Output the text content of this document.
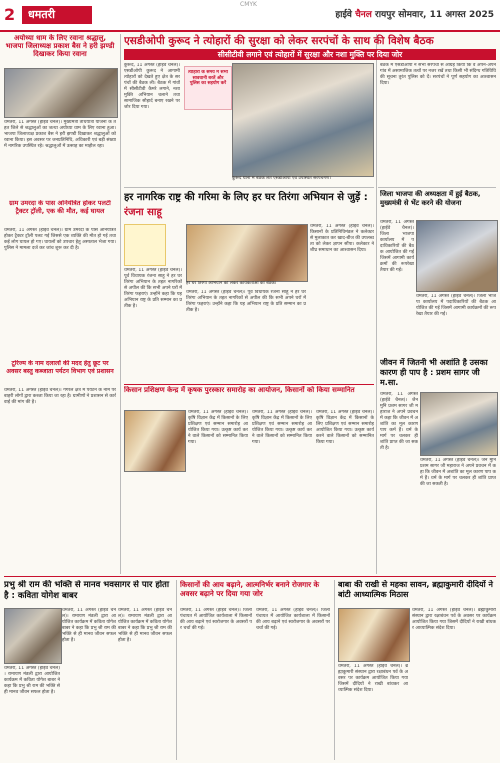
CMYK
2	धमतरी	हाईवे चैनल रायपुर सोमवार, 11 अगस्त 2025
अयोध्या धाम के लिए रवाना श्रद्धालु, भाजपा जिलाध्यक्ष प्रकाश बैस ने हरी झण्डी दिखाकर किया रवाना
धमतरी, 11 अगस्त (हाईवे चैनल)। मुख्यमंत्री तीर्थयात्रा योजना के तहत जिले से श्रद्धालुओं का जत्था अयोध्या धाम के लिए रवाना हुआ। भाजपा जिलाध्यक्ष प्रकाश बैस ने हरी झण्डी दिखाकर श्रद्धालुओं को रवाना किया। इस अवसर पर जनप्रतिनिधि, अधिकारी एवं बड़ी संख्या में नागरिक उपस्थित रहे। श्रद्धालुओं में उत्साह का माहौल रहा।
ग्राम उमरदा के पास अनियंत्रित होकर पलटी ट्रैक्टर ट्रॉली, एक की मौत, कई घायल
धमतरी, 11 अगस्त (हाईवे चैनल)। ग्राम उमरदा के पास अनियंत्रित होकर ट्रैक्टर ट्रॉली पलट गई जिससे एक व्यक्ति की मौत हो गई तथा कई लोग घायल हो गए। घायलों को उपचार हेतु अस्पताल भेजा गया। पुलिस ने मामला दर्ज कर जांच शुरू कर दी है।
टूरिज्म के नाम दलालों की मदद हेतु छूट पर अवसर बस्तु कब्जाता पर्यटन विभाग एवं प्रशासन
धमतरी, 11 अगस्त (हाईवे चैनल)। गंगरेल क्षेत्र में पर्यटन के नाम पर बाहरी लोगों द्वारा कब्जा किया जा रहा है। ग्रामीणों ने प्रशासन से कार्रवाई की मांग की है।
एसडीओपी कुरूद ने त्योहारों की सुरक्षा को लेकर सरपंचों के साथ की विशेष बैठक
सीसीटीवी लगाने एवं त्योहारों में सुरक्षा और नशा मुक्ति पर दिया जोर
कुरूद, 11 अगस्त (हाईवे चैनल)। एसडीओपी कुरूद ने आगामी त्योहारों को देखते हुए क्षेत्र के सरपंचों की बैठक ली। बैठक में गांवों में सीसीटीवी कैमरे लगाने, नशा मुक्ति अभियान चलाने तथा सामाजिक सौहार्द बनाए रखने पर जोर दिया गया।
त्योहारों के समय में सभी सावधानी बरतें और पुलिस का सहयोग करें
कुरूद थाना में बैठक लेते एसडीओपी एवं उपस्थित सरपंचगण।
बैठक में एसडीओपी ने सभी सरपंचों से आग्रह किया कि वे अपने-अपने गांव में असामाजिक तत्वों पर नजर रखें तथा किसी भी संदिग्ध गतिविधि की सूचना तुरंत पुलिस को दें। सरपंचों ने पूर्ण सहयोग का आश्वासन दिया।
हर नागरिक राष्ट्र की गरिमा के लिए हर घर तिरंगा अभियान से जुड़ें : रंजना साहू
धमतरी, 11 अगस्त (हाईवे चैनल)। पूर्व विधायक रंजना साहू ने हर घर तिरंगा अभियान के तहत नागरिकों से अपील की कि सभी अपने घरों में तिरंगा फहराएं। उन्होंने कहा कि यह अभियान राष्ट्र के प्रति सम्मान का प्रतीक है।
हर घर तिरंगा अभियान को लेकर कार्यकर्ताओं की बैठक।
धमतरी, 11 अगस्त (हाईवे चैनल)। पूर्व विधायक रंजना साहू ने हर घर तिरंगा अभियान के तहत नागरिकों से अपील की कि सभी अपने घरों में तिरंगा फहराएं। उन्होंने कहा कि यह अभियान राष्ट्र के प्रति सम्मान का प्रतीक है।
धमतरी, 11 अगस्त (हाईवे चैनल)। किसानों के प्रतिनिधिमंडल ने कलेक्टर से मुलाकात कर खाद-बीज की उपलब्धता को लेकर ज्ञापन सौंपा। कलेक्टर ने शीघ्र समाधान का आश्वासन दिया।
जिला भाजपा की अध्यक्षता में हुई बैठक, मुख्यमंत्री से भेंट करने की योजना
धमतरी, 11 अगस्त (हाईवे चैनल)। जिला भाजपा कार्यालय में पदाधिकारियों की बैठक आयोजित की गई जिसमें आगामी कार्यक्रमों की रूपरेखा तैयार की गई।
धमतरी, 11 अगस्त (हाईवे चैनल)। जिला भाजपा कार्यालय में पदाधिकारियों की बैठक आयोजित की गई जिसमें आगामी कार्यक्रमों की रूपरेखा तैयार की गई।
किसान प्रशिक्षण केन्द्र में कृषक पुरस्कार समारोह का आयोजन, किसानों को किया सम्मानित
धमतरी, 11 अगस्त (हाईवे चैनल)। कृषि विज्ञान केंद्र में किसानों के लिए प्रशिक्षण एवं सम्मान समारोह आयोजित किया गया। उत्कृष्ट कार्य करने वाले किसानों को सम्मानित किया गया।
धमतरी, 11 अगस्त (हाईवे चैनल)। कृषि विज्ञान केंद्र में किसानों के लिए प्रशिक्षण एवं सम्मान समारोह आयोजित किया गया। उत्कृष्ट कार्य करने वाले किसानों को सम्मानित किया गया।
धमतरी, 11 अगस्त (हाईवे चैनल)। कृषि विज्ञान केंद्र में किसानों के लिए प्रशिक्षण एवं सम्मान समारोह आयोजित किया गया। उत्कृष्ट कार्य करने वाले किसानों को सम्मानित किया गया।
जीवन में जितनी भी अशांति है उसका कारण ही पाप है : प्रशम सागर जी म.सा.
धमतरी, 11 अगस्त (हाईवे चैनल)। जैन मुनि प्रशम सागर जी महाराज ने अपने प्रवचन में कहा कि जीवन में अशांति का मूल कारण पाप कर्म हैं। धर्म के मार्ग पर चलकर ही शांति प्राप्त की जा सकती है।
धमतरी, 11 अगस्त (हाईवे चैनल)। जैन मुनि प्रशम सागर जी महाराज ने अपने प्रवचन में कहा कि जीवन में अशांति का मूल कारण पाप कर्म हैं। धर्म के मार्ग पर चलकर ही शांति प्राप्त की जा सकती है।
प्रभु श्री राम की भक्ति से मानव भवसागर से पार होता है : कविता योगेश बाबर
धमतरी, 11 अगस्त (हाईवे चैनल)। रामायण मंडली द्वारा आयोजित कार्यक्रम में कविता योगेश बाबर ने कहा कि प्रभु श्री राम की भक्ति से ही मानव जीवन सफल होता है।
धमतरी, 11 अगस्त (हाईवे चैनल)। रामायण मंडली द्वारा आयोजित कार्यक्रम में कविता योगेश बाबर ने कहा कि प्रभु श्री राम की भक्ति से ही मानव जीवन सफल होता है।
धमतरी, 11 अगस्त (हाईवे चैनल)। रामायण मंडली द्वारा आयोजित कार्यक्रम में कविता योगेश बाबर ने कहा कि प्रभु श्री राम की भक्ति से ही मानव जीवन सफल होता है।
किसानों की आय बढ़ाने, आत्मनिर्भर बनाने रोजगार के अवसर बढ़ाने पर दिया गया जोर
धमतरी, 11 अगस्त (हाईवे चैनल)। जिला पंचायत में आयोजित कार्यशाला में किसानों की आय बढ़ाने एवं स्वरोजगार के अवसरों पर चर्चा की गई।
धमतरी, 11 अगस्त (हाईवे चैनल)। जिला पंचायत में आयोजित कार्यशाला में किसानों की आय बढ़ाने एवं स्वरोजगार के अवसरों पर चर्चा की गई।
बाबा की राखी से महका सावन, ब्रह्माकुमारी दीदियों ने बांटी आध्यात्मिक मिठास
धमतरी, 11 अगस्त (हाईवे चैनल)। ब्रह्माकुमारी संस्थान द्वारा रक्षाबंधन पर्व के अवसर पर कार्यक्रम आयोजित किया गया जिसमें दीदियों ने राखी बांधकर आध्यात्मिक संदेश दिया।
धमतरी, 11 अगस्त (हाईवे चैनल)। ब्रह्माकुमारी संस्थान द्वारा रक्षाबंधन पर्व के अवसर पर कार्यक्रम आयोजित किया गया जिसमें दीदियों ने राखी बांधकर आध्यात्मिक संदेश दिया।
